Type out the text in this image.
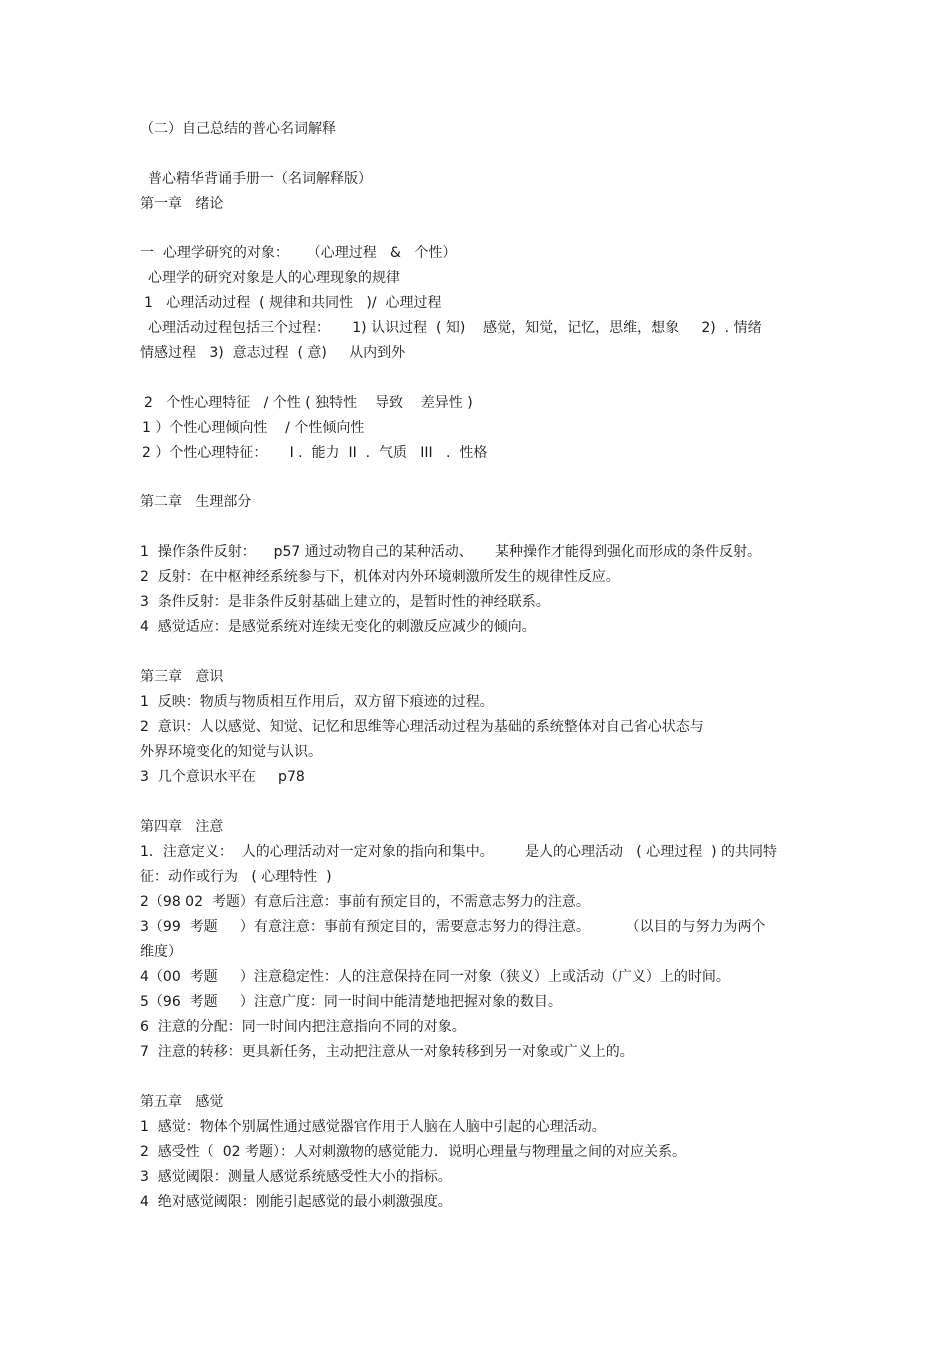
（二）自己总结的普心名词解释

普心精华背诵手册一（名词解释版）

第一章   绪论

一  心理学研究的对象：    （心理过程   &   个性）

心理学的研究对象是人的心理现象的规律

1   心理活动过程  ( 规律和共同性   )/  心理过程

心理活动过程包括三个过程：     1) 认识过程  ( 知)    感觉，知觉，记忆，思维，想象     2)  . 情绪

情感过程   3)  意志过程  ( 意)     从内到外

2   个性心理特征   / 个性 ( 独特性    导致    差异性 )

1 ）个性心理倾向性    / 个性倾向性

2 ）个性心理特征：     I .  能力  II  .  气质   III   .  性格

第二章   生理部分

1  操作条件反射：    p57 通过动物自己的某种活动、     某种操作才能得到强化而形成的条件反射。

2  反射：在中枢神经系统参与下，机体对内外环境刺激所发生的规律性反应。

3  条件反射：是非条件反射基础上建立的，是暂时性的神经联系。

4  感觉适应：是感觉系统对连续无变化的刺激反应减少的倾向。

第三章   意识

1  反映：物质与物质相互作用后，双方留下痕迹的过程。

2  意识：人以感觉、知觉、记忆和思维等心理活动过程为基础的系统整体对自己省心状态与

外界环境变化的知觉与认识。

3  几个意识水平在     p78

第四章   注意

1．注意定义：  人的心理活动对一定对象的指向和集中。       是人的心理活动   ( 心理过程  ) 的共同特

征：动作或行为   ( 心理特性  )

2（98 02  考题）有意后注意：事前有预定目的，不需意志努力的注意。

3（99  考题     ）有意注意：事前有预定目的，需要意志努力的得注意。        （以目的与努力为两个

维度）

4（00  考题     ）注意稳定性：人的注意保持在同一对象（狭义）上或活动（广义）上的时间。

5（96  考题     ）注意广度：同一时间中能清楚地把握对象的数目。

6  注意的分配：同一时间内把注意指向不同的对象。

7  注意的转移：更具新任务，主动把注意从一对象转移到另一对象或广义上的。

第五章   感觉

1  感觉：物体个别属性通过感觉器官作用于人脑在人脑中引起的心理活动。

2  感受性（  02 考题）：人对刺激物的感觉能力．说明心理量与物理量之间的对应关系。

3  感觉阈限：测量人感觉系统感受性大小的指标。

4  绝对感觉阈限：刚能引起感觉的最小刺激强度。
